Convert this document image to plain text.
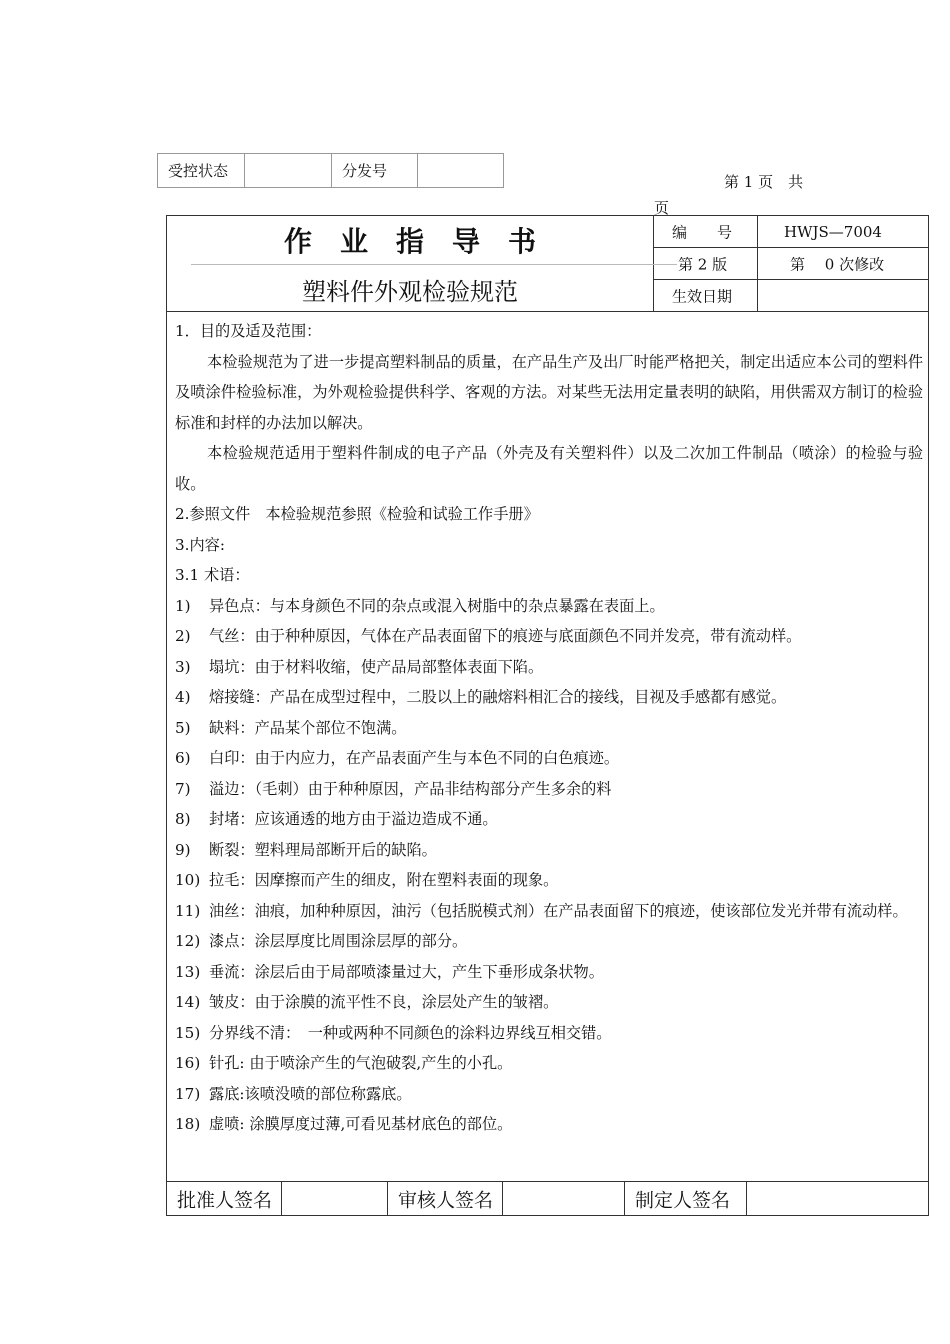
受控状态		分发号	
第 1 页　共
页
作业指导书
塑料件外观检验规范
编　　号	HWJS—7004
第 2 版	第　 0 次修改
生效日期

1．目的及适及范围：

本检验规范为了进一步提高塑料制品的质量，在产品生产及出厂时能严格把关，制定出适应本公司的塑料件及喷涂件检验标准，为外观检验提供科学、客观的方法。对某些无法用定量表明的缺陷，用供需双方制订的检验标准和封样的办法加以解决。

本检验规范适用于塑料件制成的电子产品（外壳及有关塑料件）以及二次加工件制品（喷涂）的检验与验收。

2.参照文件　本检验规范参照《检验和试验工作手册》

3.内容:

3.1 术语：

1)	异色点：与本身颜色不同的杂点或混入树脂中的杂点暴露在表面上。
2)	气丝：由于种种原因，气体在产品表面留下的痕迹与底面颜色不同并发亮，带有流动样。
3)	塌坑：由于材料收缩，使产品局部整体表面下陷。
4)	熔接缝：产品在成型过程中，二股以上的融熔料相汇合的接线，目视及手感都有感觉。
5)	缺料：产品某个部位不饱满。
6)	白印：由于内应力，在产品表面产生与本色不同的白色痕迹。
7)	溢边：（毛刺）由于种种原因，产品非结构部分产生多余的料
8)	封堵：应该通透的地方由于溢边造成不通。
9)	断裂：塑料理局部断开后的缺陷。
10) 拉毛：因摩擦而产生的细皮，附在塑料表面的现象。
11) 油丝：油痕，加种种原因，油污（包括脱模式剂）在产品表面留下的痕迹，使该部位发光并带有流动样。
12) 漆点：涂层厚度比周围涂层厚的部分。
13) 垂流：涂层后由于局部喷漆量过大，产生下垂形成条状物。
14) 皱皮：由于涂膜的流平性不良，涂层处产生的皱褶。
15) 分界线不清：　一种或两种不同颜色的涂料边界线互相交错。
16) 针孔: 由于喷涂产生的气泡破裂,产生的小孔。
17) 露底:该喷没喷的部位称露底。
18) 虚喷: 涂膜厚度过薄,可看见基材底色的部位。
批准人签名	审核人签名	制定人签名
